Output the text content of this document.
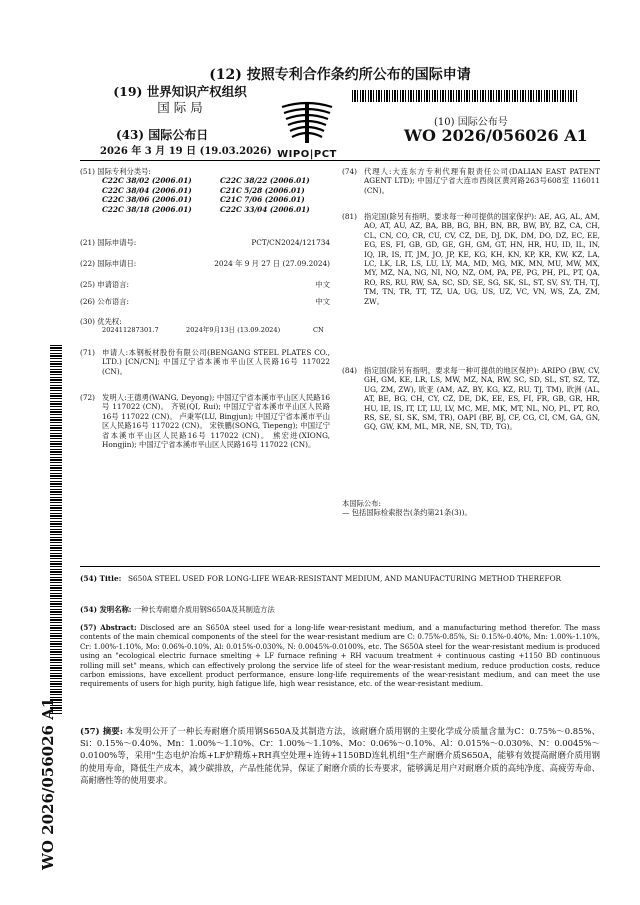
(12) 按照专利合作条约所公布的国际申请
(19) 世界知识产权组织
国 际 局
(43) 国际公布日
2026 年 3 月 19 日 (19.03.2026) WIPO|PCT
(10) 国际公布号
WO 2026/056026 A1
(51) 国际专利分类号:
C22C 38/02 (2006.01)	C22C 38/22 (2006.01)
C22C 38/04 (2006.01)	C21C 5/28 (2006.01)
C22C 38/06 (2006.01)	C21C 7/06 (2006.01)
C22C 38/18 (2006.01)	C22C 33/04 (2006.01)
(21) 国际申请号:	PCT/CN2024/121734
(22) 国际申请日:	2024 年 9 月 27 日 (27.09.2024)
(25) 申请语言:	中文
(26) 公布语言:	中文
(30) 优先权:
202411287301.7	2024年9月13日 (13.09.2024)	CN
(71) 申请人:本钢板材股份有限公司(BENGANG STEEL PLATES CO., LTD.) [CN/CN]; 中国辽宁省本溪市平山区人民路16号 117022 (CN)。
(72) 发明人:王德勇(WANG, Deyong); 中国辽宁省本溪市平山区人民路16号 117022 (CN)。 齐锐(QI, Rui); 中国辽宁省本溪市平山区人民路16号 117022 (CN)。 卢秉军(LU, Bingjun); 中国辽宁省本溪市平山区人民路16号 117022 (CN)。 宋铁鹏(SONG, Tiepeng); 中国辽宁省本溪市平山区人民路16号 117022 (CN)。 熊宏进(XIONG, Hongjin); 中国辽宁省本溪市平山区人民路16号 117022 (CN)。
(74) 代理人:大连东方专利代理有限责任公司(DALIAN EAST PATENT AGENT LTD); 中国辽宁省大连市西岗区黄河路263号608室 116011 (CN)。
(81) 指定国(除另有指明，要求每一种可提供的国家保护): AE, AG, AL, AM, AO, AT, AU, AZ, BA, BB, BG, BH, BN, BR, BW, BY, BZ, CA, CH, CL, CN, CO, CR, CU, CV, CZ, DE, DJ, DK, DM, DO, DZ, EC, EE, EG, ES, FI, GB, GD, GE, GH, GM, GT, HN, HR, HU, ID, IL, IN, IQ, IR, IS, IT, JM, JO, JP, KE, KG, KH, KN, KP, KR, KW, KZ, LA, LC, LK, LR, LS, LU, LY, MA, MD, MG, MK, MN, MU, MW, MX, MY, MZ, NA, NG, NI, NO, NZ, OM, PA, PE, PG, PH, PL, PT, QA, RO, RS, RU, RW, SA, SC, SD, SE, SG, SK, SL, ST, SV, SY, TH, TJ, TM, TN, TR, TT, TZ, UA, UG, US, UZ, VC, VN, WS, ZA, ZM, ZW。
(84) 指定国(除另有指明，要求每一种可提供的地区保护): ARIPO (BW, CV, GH, GM, KE, LR, LS, MW, MZ, NA, RW, SC, SD, SL, ST, SZ, TZ, UG, ZM, ZW), 欧亚 (AM, AZ, BY, KG, KZ, RU, TJ, TM), 欧洲 (AL, AT, BE, BG, CH, CY, CZ, DE, DK, EE, ES, FI, FR, GB, GR, HR, HU, IE, IS, IT, LT, LU, LV, MC, ME, MK, MT, NL, NO, PL, PT, RO, RS, SE, SI, SK, SM, TR), OAPI (BF, BJ, CF, CG, CI, CM, GA, GN, GQ, GW, KM, ML, MR, NE, SN, TD, TG)。
本国际公布:
— 包括国际检索报告(条约第21条(3))。
(54) Title: S650A STEEL USED FOR LONG-LIFE WEAR-RESISTANT MEDIUM, AND MANUFACTURING METHOD THEREFOR
(54) 发明名称: 一种长寿耐磨介质用钢S650A及其制造方法
(57) Abstract: Disclosed are an S650A steel used for a long-life wear-resistant medium, and a manufacturing method therefor. The mass contents of the main chemical components of the steel for the wear-resistant medium are C: 0.75%-0.85%, Si: 0.15%-0.40%, Mn: 1.00%-1.10%, Cr: 1.00%-1.10%, Mo: 0.06%-0.10%, Al: 0.015%-0.030%, N: 0.0045%-0.0100%, etc. The S650A steel for the wear-resistant medium is produced using an "ecological electric furnace smelting + LF furnace refining + RH vacuum treatment + continuous casting +1150 BD continuous rolling mill set" means, which can effectively prolong the service life of steel for the wear-resistant medium, reduce production costs, reduce carbon emissions, have excellent product performance, ensure long-life requirements of the wear-resistant medium, and can meet the use requirements of users for high purity, high fatigue life, high wear resistance, etc. of the wear-resistant medium.
(57) 摘要: 本发明公开了一种长寿耐磨介质用钢S650A及其制造方法，该耐磨介质用钢的主要化学成分质量含量为C：0.75%～0.85%、Si：0.15%～0.40%、Mn：1.00%～1.10%、Cr：1.00%～1.10%、Mo：0.06%～0.10%、Al：0.015%～0.030%、N：0.0045%～0.0100%等，采用"生态电炉冶炼+LF炉精炼+RH真空处理+连铸+1150BD连轧机组"生产耐磨介质S650A，能够有效提高耐磨介质用钢的使用寿命，降低生产成本，减少碳排放，产品性能优异，保证了耐磨介质的长寿要求，能够满足用户对耐磨介质的高纯净度、高疲劳寿命、高耐磨性等的使用要求。
WO 2026/056026 A1
